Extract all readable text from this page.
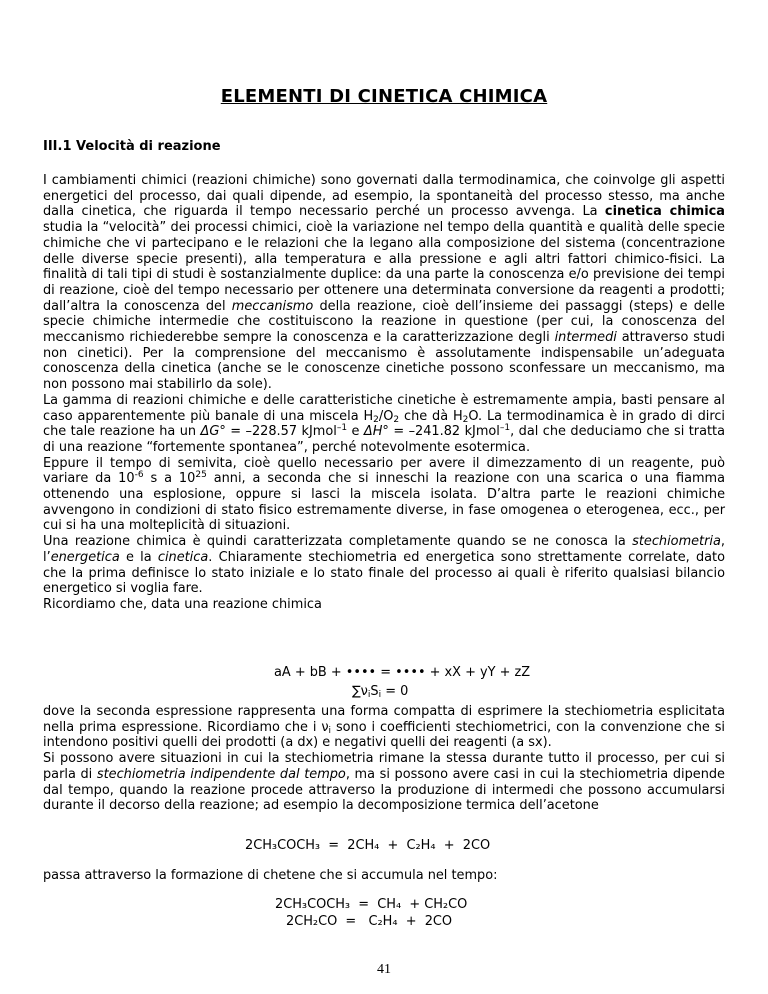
ELEMENTI DI CINETICA CHIMICA
III.1 Velocità di reazione

I cambiamenti chimici (reazioni chimiche) sono governati dalla termodinamica, che coinvolge gli aspetti energetici del processo, dai quali dipende, ad esempio, la spontaneità del processo stesso, ma anche dalla cinetica, che riguarda il tempo necessario perché un processo avvenga. La cinetica chimica studia la “velocità” dei processi chimici, cioè la variazione nel tempo della quantità e qualità delle specie chimiche che vi partecipano e le relazioni che la legano alla composizione del sistema (concentrazione delle diverse specie presenti), alla temperatura e alla pressione e agli altri fattori chimico-fisici. La finalità di tali tipi di studi è sostanzialmente duplice: da una parte la conoscenza e/o previsione dei tempi di reazione, cioè del tempo necessario per ottenere una determinata conversione da reagenti a prodotti; dall’altra la conoscenza del meccanismo della reazione, cioè dell’insieme dei passaggi (steps) e delle specie chimiche intermedie che costituiscono la reazione in questione (per cui, la conoscenza del meccanismo richiederebbe sempre la conoscenza e la caratterizzazione degli intermedi attraverso studi non cinetici). Per la comprensione del meccanismo è assolutamente indispensabile un’adeguata conoscenza della cinetica (anche se le conoscenze cinetiche possono sconfessare un meccanismo, ma non possono mai stabilirlo da sole).

La gamma di reazioni chimiche e delle caratteristiche cinetiche è estremamente ampia, basti pensare al caso apparentemente più banale di una miscela $H_2/O_2$ che dà $H_2O$. La termodinamica è in grado di dirci che tale reazione ha un ΔG° = –228.57 kJmol$^{-1}$ e ΔH° = –241.82 kJmol$^{-1}$, dal che deduciamo che si tratta di una reazione “fortemente spontanea”, perché notevolmente esotermica.

Eppure il tempo di semivita, cioè quello necessario per avere il dimezzamento di un reagente, può variare da $10^{-6}$ s a $10^{25}$ anni, a seconda che si inneschi la reazione con una scarica o una fiamma ottenendo una esplosione, oppure si lasci la miscela isolata. D’altra parte le reazioni chimiche avvengono in condizioni di stato fisico estremamente diverse, in fase omogenea o eterogenea, ecc., per cui si ha una molteplicità di situazioni.

Una reazione chimica è quindi caratterizzata completamente quando se ne conosca la stechiometria, l’energetica e la cinetica. Chiaramente stechiometria ed energetica sono strettamente correlate, dato che la prima definisce lo stato iniziale e lo stato finale del processo ai quali è riferito qualsiasi bilancio energetico si voglia fare.

Ricordiamo che, data una reazione chimica

aA + bB + •••• = •••• + xX + yY + zZ
$\sum\nu_iS_i = 0$

dove la seconda espressione rappresenta una forma compatta di esprimere la stechiometria esplicitata nella prima espressione. Ricordiamo che i $\nu_i$ sono i coefficienti stechiometrici, con la convenzione che si intendono positivi quelli dei prodotti (a dx) e negativi quelli dei reagenti (a sx).

Si possono avere situazioni in cui la stechiometria rimane la stessa durante tutto il processo, per cui si parla di stechiometria indipendente dal tempo, ma si possono avere casi in cui la stechiometria dipende dal tempo, quando la reazione procede attraverso la produzione di intermedi che possono accumularsi durante il decorso della reazione; ad esempio la decomposizione termica dell’acetone

2CH₃COCH₃  =  2CH₄  +  C₂H₄  +  2CO
passa attraverso la formazione di chetene che si accumula nel tempo:
2CH₃COCH₃  =  CH₄  + CH₂CO
2CH₂CO  =   C₂H₄  +  2CO
41
